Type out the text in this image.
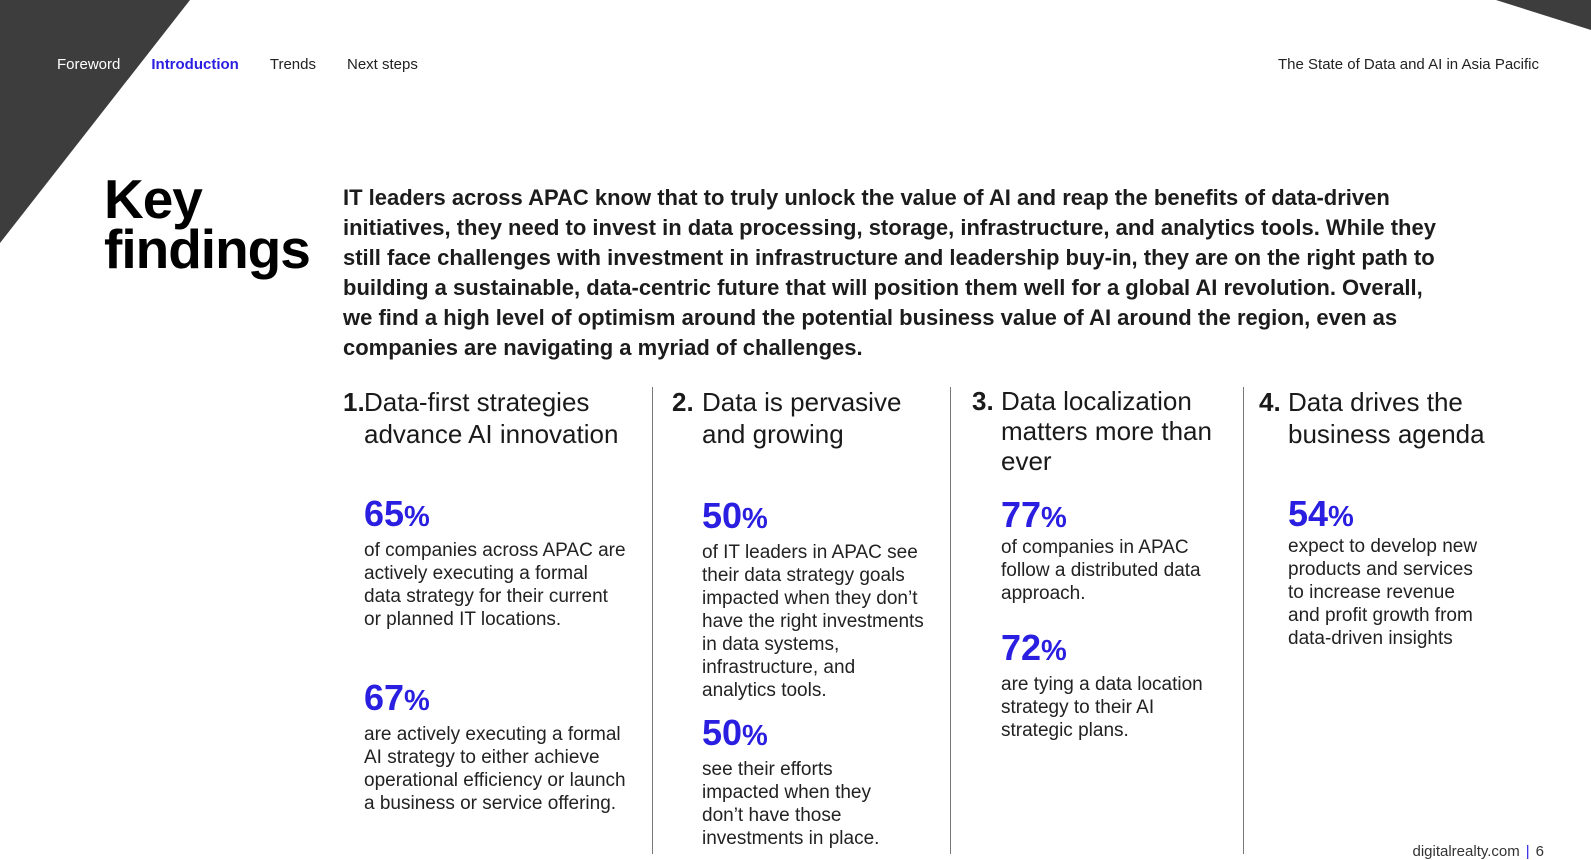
Foreword Introduction Trends Next steps	The State of Data and AI in Asia Pacific
Key
findings

IT leaders across APAC know that to truly unlock the value of AI and reap the benefits of data-driven initiatives, they need to invest in data processing, storage, infrastructure, and analytics tools. While they still face challenges with investment in infrastructure and leadership buy-in, they are on the right path to building a sustainable, data-centric future that will position them well for a global AI revolution. Overall, we find a high level of optimism around the potential business value of AI around the region, even as companies are navigating a myriad of challenges.

1. Data-first strategies advance AI innovation
65%
of companies across APAC are actively executing a formal data strategy for their current or planned IT locations.
67%
are actively executing a formal AI strategy to either achieve operational efficiency or launch a business or service offering.
2. Data is pervasive and growing
50%
of IT leaders in APAC see their data strategy goals impacted when they don’t have the right investments in data systems, infrastructure, and analytics tools.
50%
see their efforts impacted when they don’t have those investments in place.
3. Data localization matters more than ever
77%
of companies in APAC follow a distributed data approach.
72%
are tying a data location strategy to their AI strategic plans.
4. Data drives the business agenda
54%
expect to develop new products and services to increase revenue and profit growth from data-driven insights
digitalrealty.com | 6
